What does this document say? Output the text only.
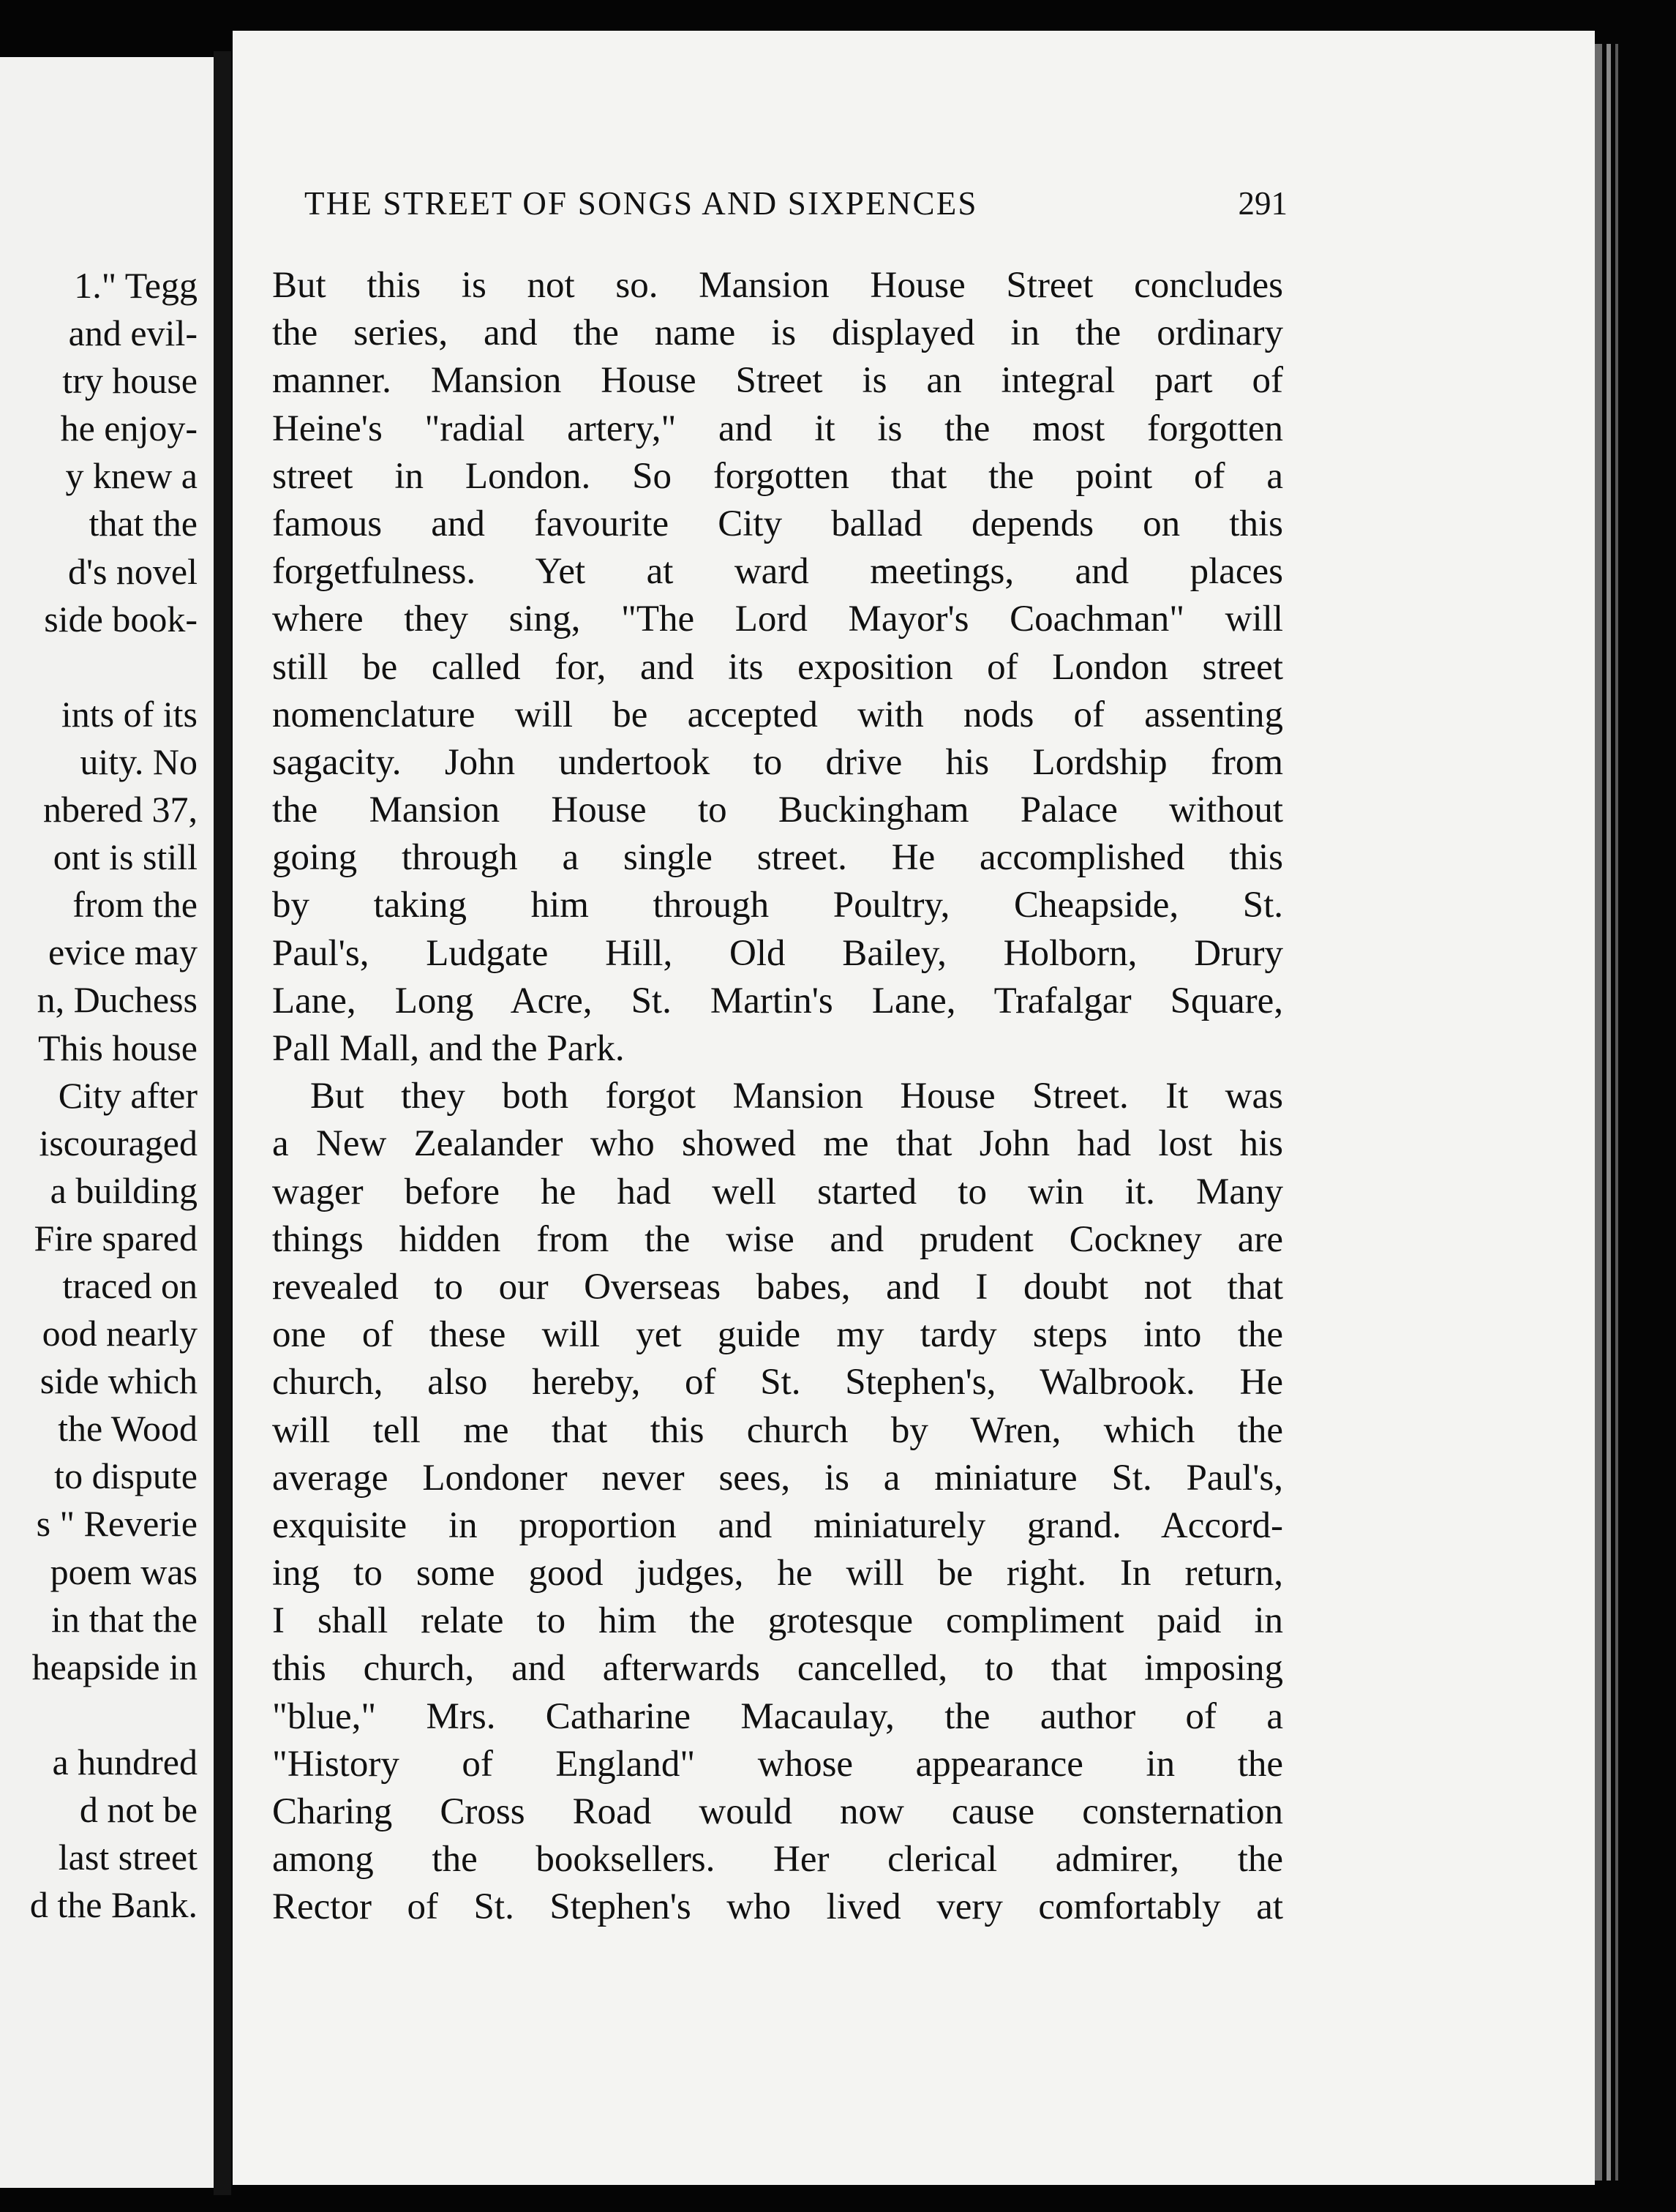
1." Tegg
and evil-
try house
he enjoy-
y knew a
that the
d's novel
side book-
ints of its
uity. No
nbered 37,
ont is still
from the
evice may
n, Duchess
This house
City after
iscouraged
a building
Fire spared
traced on
ood nearly
side which
the Wood
to dispute
s " Reverie
poem was
in that the
heapside in
a hundred
d not be
last street
d the Bank.
THE STREET OF SONGS AND SIXPENCES	291
But this is not so. Mansion House Street concludes
the series, and the name is displayed in the ordinary
manner. Mansion House Street is an integral part of
Heine's "radial artery," and it is the most forgotten
street in London. So forgotten that the point of a
famous and favourite City ballad depends on this
forgetfulness. Yet at ward meetings, and places
where they sing, "The Lord Mayor's Coachman" will
still be called for, and its exposition of London street
nomenclature will be accepted with nods of assenting
sagacity. John undertook to drive his Lordship from
the Mansion House to Buckingham Palace without
going through a single street. He accomplished this
by taking him through Poultry, Cheapside, St.
Paul's, Ludgate Hill, Old Bailey, Holborn, Drury
Lane, Long Acre, St. Martin's Lane, Trafalgar Square,
Pall Mall, and the Park.
But they both forgot Mansion House Street. It was
a New Zealander who showed me that John had lost his
wager before he had well started to win it. Many
things hidden from the wise and prudent Cockney are
revealed to our Overseas babes, and I doubt not that
one of these will yet guide my tardy steps into the
church, also hereby, of St. Stephen's, Walbrook. He
will tell me that this church by Wren, which the
average Londoner never sees, is a miniature St. Paul's,
exquisite in proportion and miniaturely grand. Accord-
ing to some good judges, he will be right. In return,
I shall relate to him the grotesque compliment paid in
this church, and afterwards cancelled, to that imposing
"blue," Mrs. Catharine Macaulay, the author of a
"History of England" whose appearance in the
Charing Cross Road would now cause consternation
among the booksellers. Her clerical admirer, the
Rector of St. Stephen's who lived very comfortably at
